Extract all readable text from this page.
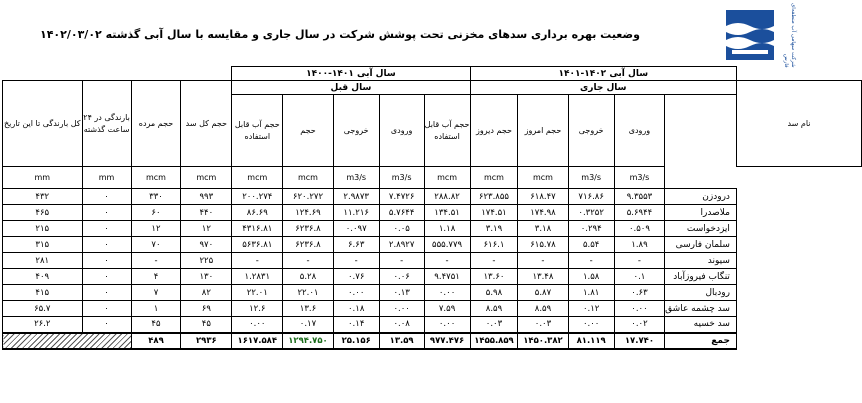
وضعیت بهره برداری سدهای مخزنی تحت پوشش شرکت در سال جاری و مقایسه با سال آبی گذشته ۱۴۰۲/۰۳/۰۲	شرکت سهامی آب منطقه‌ای فارس
				سال آبی ۱۴۰۱-۱۴۰۰					سال آبی ۱۴۰۲-۱۴۰۱					
کل بارندگی تا این تاریخ	بارندگی در ۲۴ ساعت گذشته	حجم مرده	حجم کل سد	سال قبل					سال جاری					نام سد
				حجم آب قابل استفاده	حجم	خروجی	ورودی	حجم آب قابل استفاده	حجم دیروز	حجم امروز	خروجی	ورودی		
mm	mm	mcm	mcm	mcm	mcm	m3/s	m3/s	mcm	mcm	mcm	m3/s	m3/s		
۴۳۲	۰	۳۳۰	۹۹۳	۲۰۰.۲۷۴	۶۲۰.۲۷۲	۲.۹۸۷۳	۷.۴۷۲۶	۲۸۸.۸۲	۶۲۳.۸۵۵	۶۱۸.۴۷	۷۱۶.۸۶	۹.۳۵۵۳	درودزن	
۴۶۵	۰	۶۰	۴۴۰	۸۶.۶۹	۱۲۴.۶۹	۱۱.۲۱۶	۵.۷۶۴۴	۱۳۴.۵۱	۱۷۴.۵۱	۱۷۴.۹۸	۰.۳۲۵۲	۵.۶۹۴۴	ملاصدرا	
۲۱۵	۰	۱۲	۱۲	۴۳۱۶.۸۱	۶۲۳۶.۸	۰.۰۹۷	۰.۰۵	۱.۱۸	۳.۱۹	۳.۱۸	۰.۲۹۴	۰.۵۰۹	ایزدخواست	
۳۱۵	۰	۷۰	۹۷۰	۵۶۳۶.۸۱	۶۲۳۶.۸	۶.۶۳	۲.۸۹۲۷	۵۵۵.۷۷۹	۶۱۶.۱	۶۱۵.۷۸	۵.۵۴	۱.۸۹	سلمان فارسی	
۲۸۱	۰	-	۲۲۵	-	-	-	-	-	-	-	-	-	سیوند	
۴۰۹	۰	۴	۱۳۰	۱.۲۸۳۱	۵.۲۸	۰.۷۶	۰.۰۶	۹.۴۷۵۱	۱۳.۶۰	۱۳.۴۸	۱.۵۸	۰.۱	تنگاب فیروزآباد	
۴۱۵	۰	۷	۸۲	۲۲.۰۱	۲۲.۰۱	۰.۰۰	۰.۱۳	۰.۰۰	۵.۹۸	۵.۸۷	۱.۸۱	۰.۶۳	رودبال	
۶۵.۷	۰	۱	۶۹	۱۲.۶	۱۳.۶	۰.۱۸	۰.۰۰	۷.۵۹	۸.۵۹	۸.۵۹	۰.۱۲	۰.۰۰	سد چشمه عاشق	
۲۶.۲	۰	۴۵	۴۵	۰.۰۰	۰.۱۷	۰.۱۴	۰.۰۸	۰.۰۰	۰.۰۳	۰.۰۳	۰.۰۰	۰.۰۲	سد خسیه	
		۴۸۹	۲۹۳۶	۱۶۱۷.۵۸۴	۱۲۹۴.۷۵۰	۲۵.۱۵۶	۱۳.۵۹	۹۷۷.۴۷۶	۱۴۵۵.۸۵۹	۱۴۵۰.۳۸۲	۸۱.۱۱۹	۱۷.۷۴۰	جمع	
